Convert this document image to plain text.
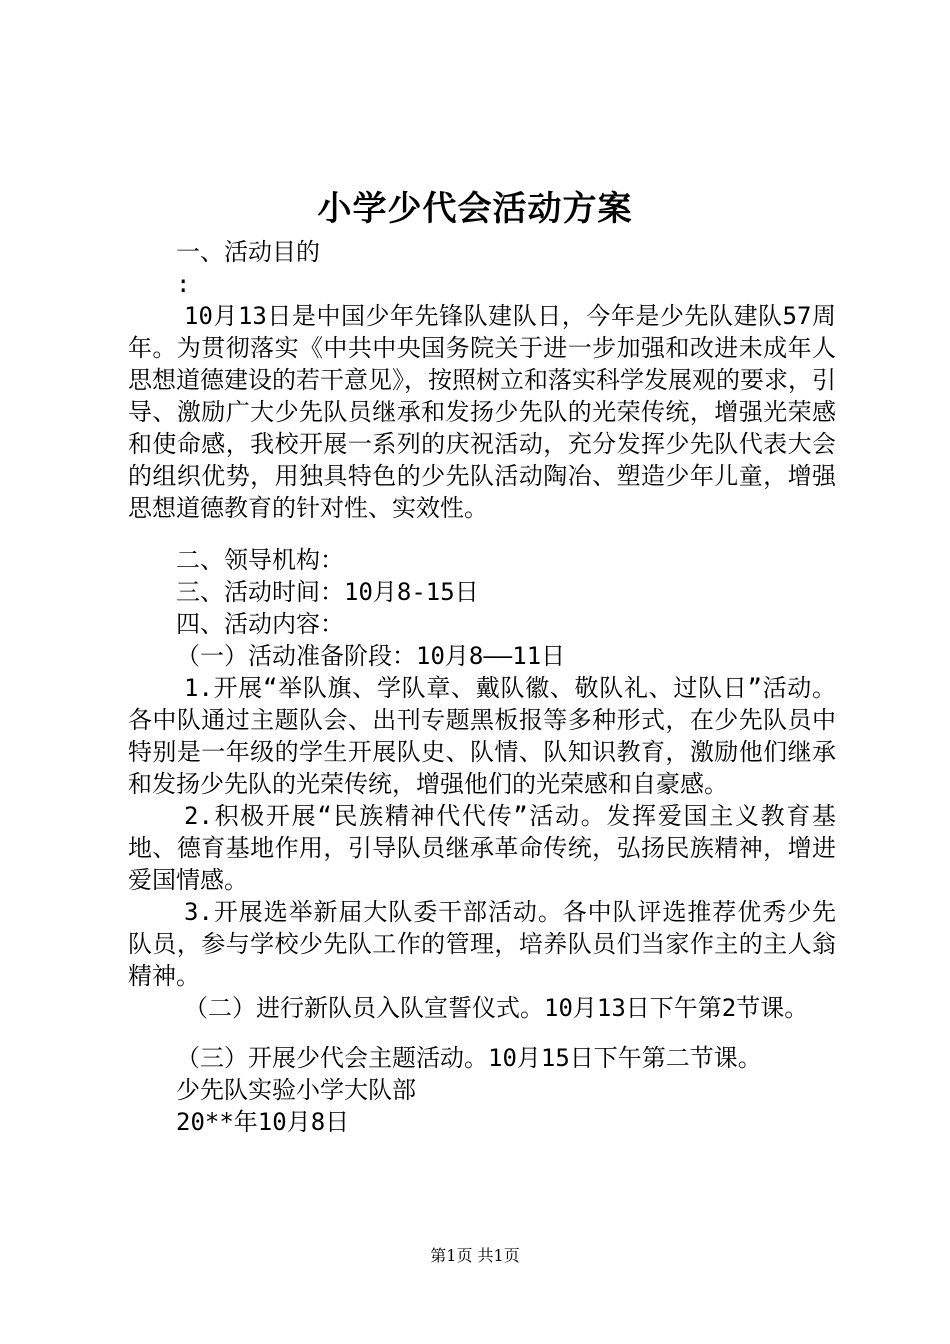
小学少代会活动方案

一、活动目的

:

10月13日是中国少年先锋队建队日，今年是少先队建队57周年。为贯彻落实《中共中央国务院关于进一步加强和改进未成年人思想道德建设的若干意见》，按照树立和落实科学发展观的要求，引导、激励广大少先队员继承和发扬少先队的光荣传统，增强光荣感和使命感，我校开展一系列的庆祝活动，充分发挥少先队代表大会的组织优势，用独具特色的少先队活动陶冶、塑造少年儿童，增强思想道德教育的针对性、实效性。

二、领导机构：

三、活动时间：10月8-15日

四、活动内容：

（一）活动准备阶段：10月8——11日

1.开展“举队旗、学队章、戴队徽、敬队礼、过队日”活动。各中队通过主题队会、出刊专题黑板报等多种形式，在少先队员中特别是一年级的学生开展队史、队情、队知识教育，激励他们继承和发扬少先队的光荣传统，增强他们的光荣感和自豪感。

2.积极开展“民族精神代代传”活动。发挥爱国主义教育基地、德育基地作用，引导队员继承革命传统，弘扬民族精神，增进爱国情感。

3.开展选举新届大队委干部活动。各中队评选推荐优秀少先队员，参与学校少先队工作的管理，培养队员们当家作主的主人翁精神。

（二）进行新队员入队宣誓仪式。10月13日下午第2节课。

（三）开展少代会主题活动。10月15日下午第二节课。

少先队实验小学大队部

20**年10月8日

第1页 共1页
